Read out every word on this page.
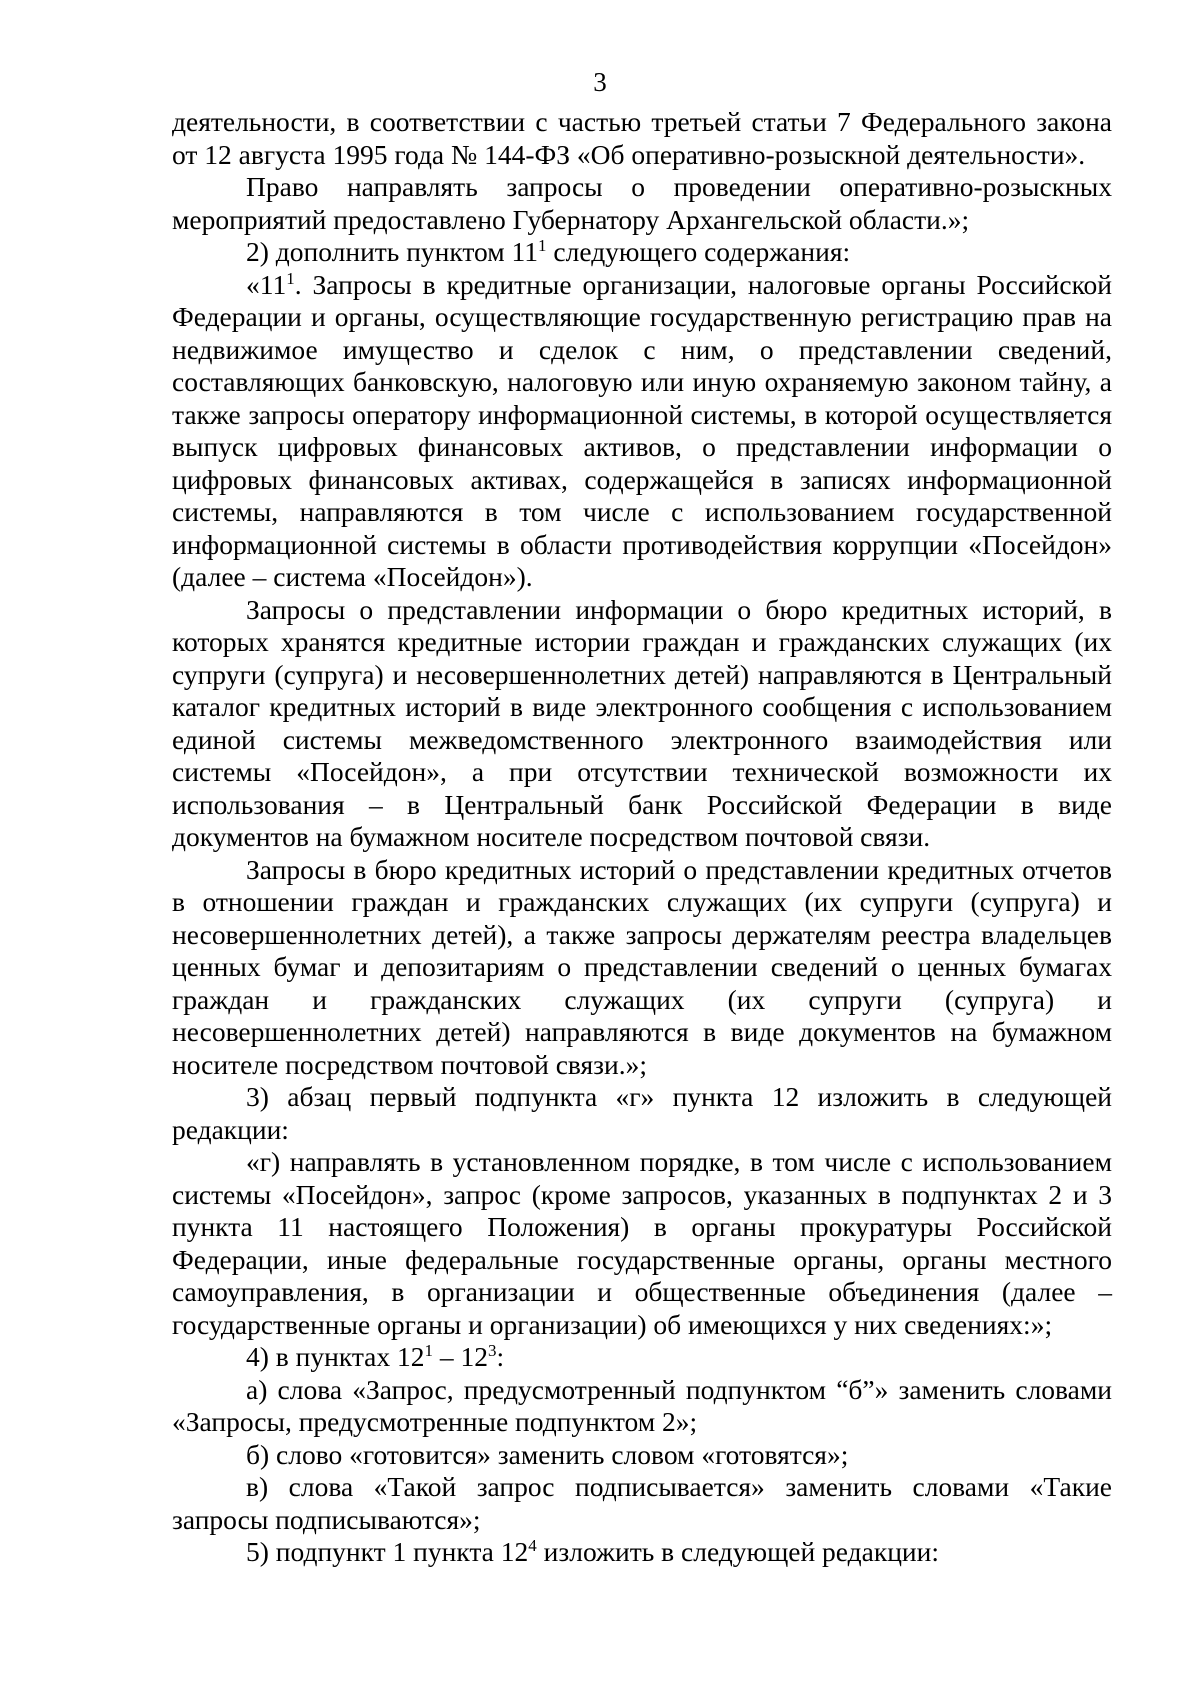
3

деятельности, в соответствии с частью третьей статьи 7 Федерального закона от 12 августа 1995 года № 144-ФЗ «Об оперативно-розыскной деятельности».

Право направлять запросы о проведении оперативно-розыскных мероприятий предоставлено Губернатору Архангельской области.»;

2) дополнить пунктом $11^1$ следующего содержания:

«$11^1$. Запросы в кредитные организации, налоговые органы Российской Федерации и органы, осуществляющие государственную регистрацию прав на недвижимое имущество и сделок с ним, о представлении сведений, составляющих банковскую, налоговую или иную охраняемую законом тайну, а также запросы оператору информационной системы, в которой осуществляется выпуск цифровых финансовых активов, о представлении информации о цифровых финансовых активах, содержащейся в записях информационной системы, направляются в том числе с использованием государственной информационной системы в области противодействия коррупции «Посейдон» (далее – система «Посейдон»).

Запросы о представлении информации о бюро кредитных историй, в которых хранятся кредитные истории граждан и гражданских служащих (их супруги (супруга) и несовершеннолетних детей) направляются в Центральный каталог кредитных историй в виде электронного сообщения с использованием единой системы межведомственного электронного взаимодействия или системы «Посейдон», а при отсутствии технической возможности их использования – в Центральный банк Российской Федерации в виде документов на бумажном носителе посредством почтовой связи.

Запросы в бюро кредитных историй о представлении кредитных отчетов в отношении граждан и гражданских служащих (их супруги (супруга) и несовершеннолетних детей), а также запросы держателям реестра владельцев ценных бумаг и депозитариям о представлении сведений о ценных бумагах граждан и гражданских служащих (их супруги (супруга) и несовершеннолетних детей) направляются в виде документов на бумажном носителе посредством почтовой связи.»;

3) абзац первый подпункта «г» пункта 12 изложить в следующей редакции:

«г) направлять в установленном порядке, в том числе с использованием системы «Посейдон», запрос (кроме запросов, указанных в подпунктах 2 и 3 пункта 11 настоящего Положения) в органы прокуратуры Российской Федерации, иные федеральные государственные органы, органы местного самоуправления, в организации и общественные объединения (далее – государственные органы и организации) об имеющихся у них сведениях:»;

4) в пунктах $12^1 - 12^3$:

а) слова «Запрос, предусмотренный подпунктом “б”» заменить словами «Запросы, предусмотренные подпунктом 2»;

б) слово «готовится» заменить словом «готовятся»;

в) слова «Такой запрос подписывается» заменить словами «Такие запросы подписываются»;

5) подпункт 1 пункта $12^4$ изложить в следующей редакции:
